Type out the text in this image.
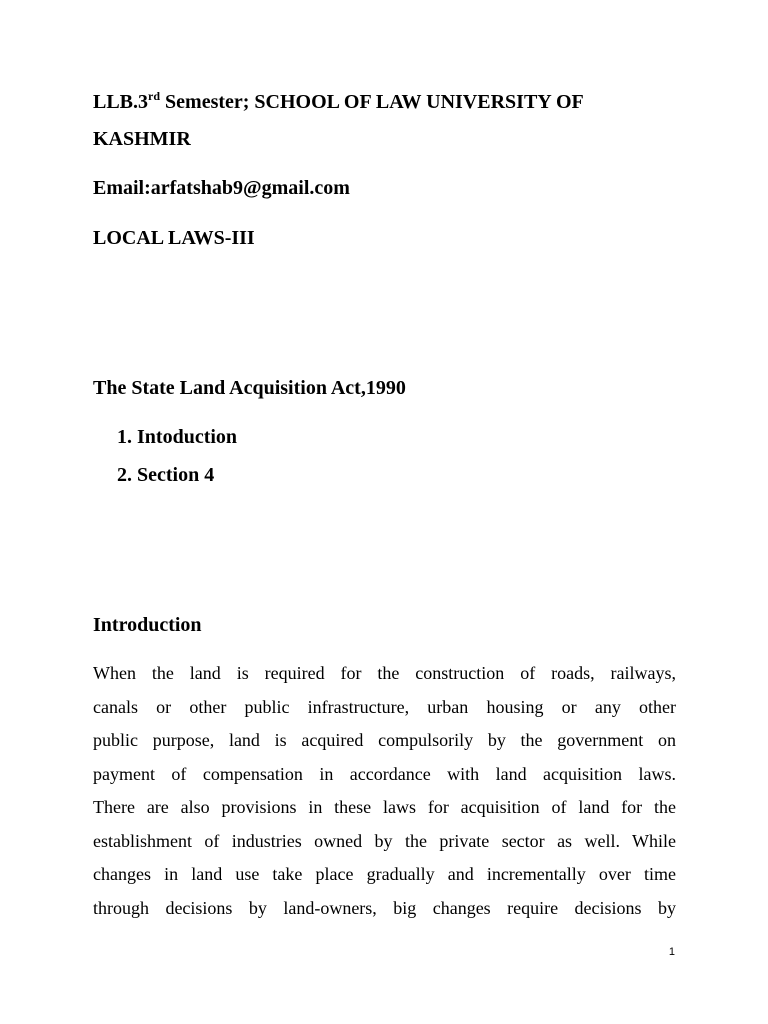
LLB.3rd Semester; SCHOOL OF LAW UNIVERSITY OF
KASHMIR
Email:arfatshab9@gmail.com
LOCAL LAWS-III
The State Land Acquisition Act,1990
1. Intoduction
2. Section 4
Introduction
When the land is required for the construction of roads, railways,
canals or other public infrastructure, urban housing or any other
public purpose, land is acquired compulsorily by the government on
payment of compensation in accordance with land acquisition laws.
There are also provisions in these laws for acquisition of land for the
establishment of industries owned by the private sector as well. While
changes in land use take place gradually and incrementally over time
through decisions by land-owners, big changes require decisions by
1
